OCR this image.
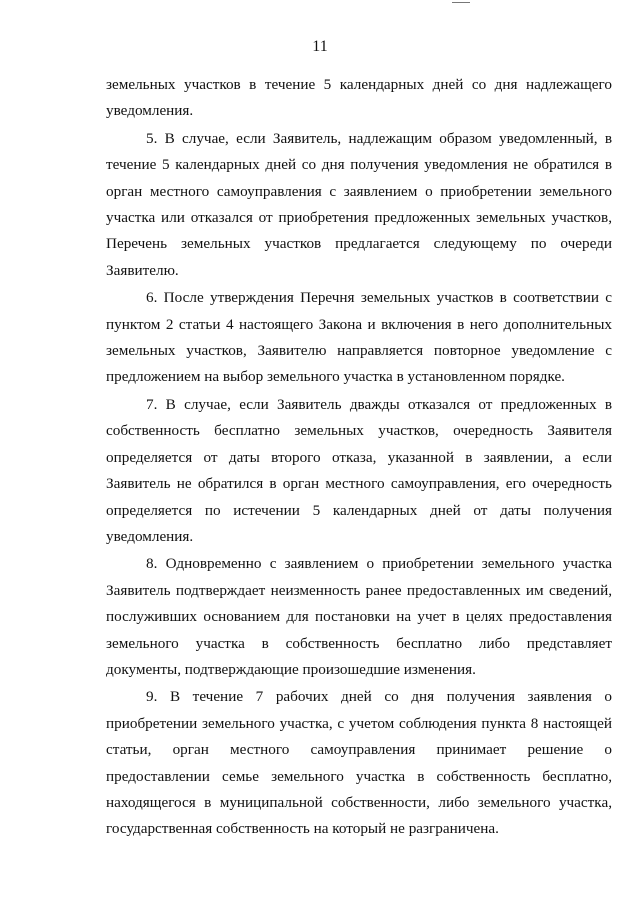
11

земельных участков в течение 5 календарных дней со дня надлежащего уведомления.

5. В случае, если Заявитель, надлежащим образом уведомленный, в течение 5 календарных дней со дня получения уведомления не обратился в орган местного самоуправления с заявлением о приобретении земельного участка или отказался от приобретения предложенных земельных участков, Перечень земельных участков предлагается следующему по очереди Заявителю.

6. После утверждения Перечня земельных участков в соответствии с пунктом 2 статьи 4 настоящего Закона и включения в него дополнительных земельных участков, Заявителю направляется повторное уведомление с предложением на выбор земельного участка в установленном порядке.

7. В случае, если Заявитель дважды отказался от предложенных в собственность бесплатно земельных участков, очередность Заявителя определяется от даты второго отказа, указанной в заявлении, а если Заявитель не обратился в орган местного самоуправления, его очередность определяется по истечении 5 календарных дней от даты получения уведомления.

8. Одновременно с заявлением о приобретении земельного участка Заявитель подтверждает неизменность ранее предоставленных им сведений, послуживших основанием для постановки на учет в целях предоставления земельного участка в собственность бесплатно либо представляет документы, подтверждающие произошедшие изменения.

9. В течение 7 рабочих дней со дня получения заявления о приобретении земельного участка, с учетом соблюдения пункта 8 настоящей статьи, орган местного самоуправления принимает решение о предоставлении семье земельного участка в собственность бесплатно, находящегося в муниципальной собственности, либо земельного участка, государственная собственность на который не разграничена.
